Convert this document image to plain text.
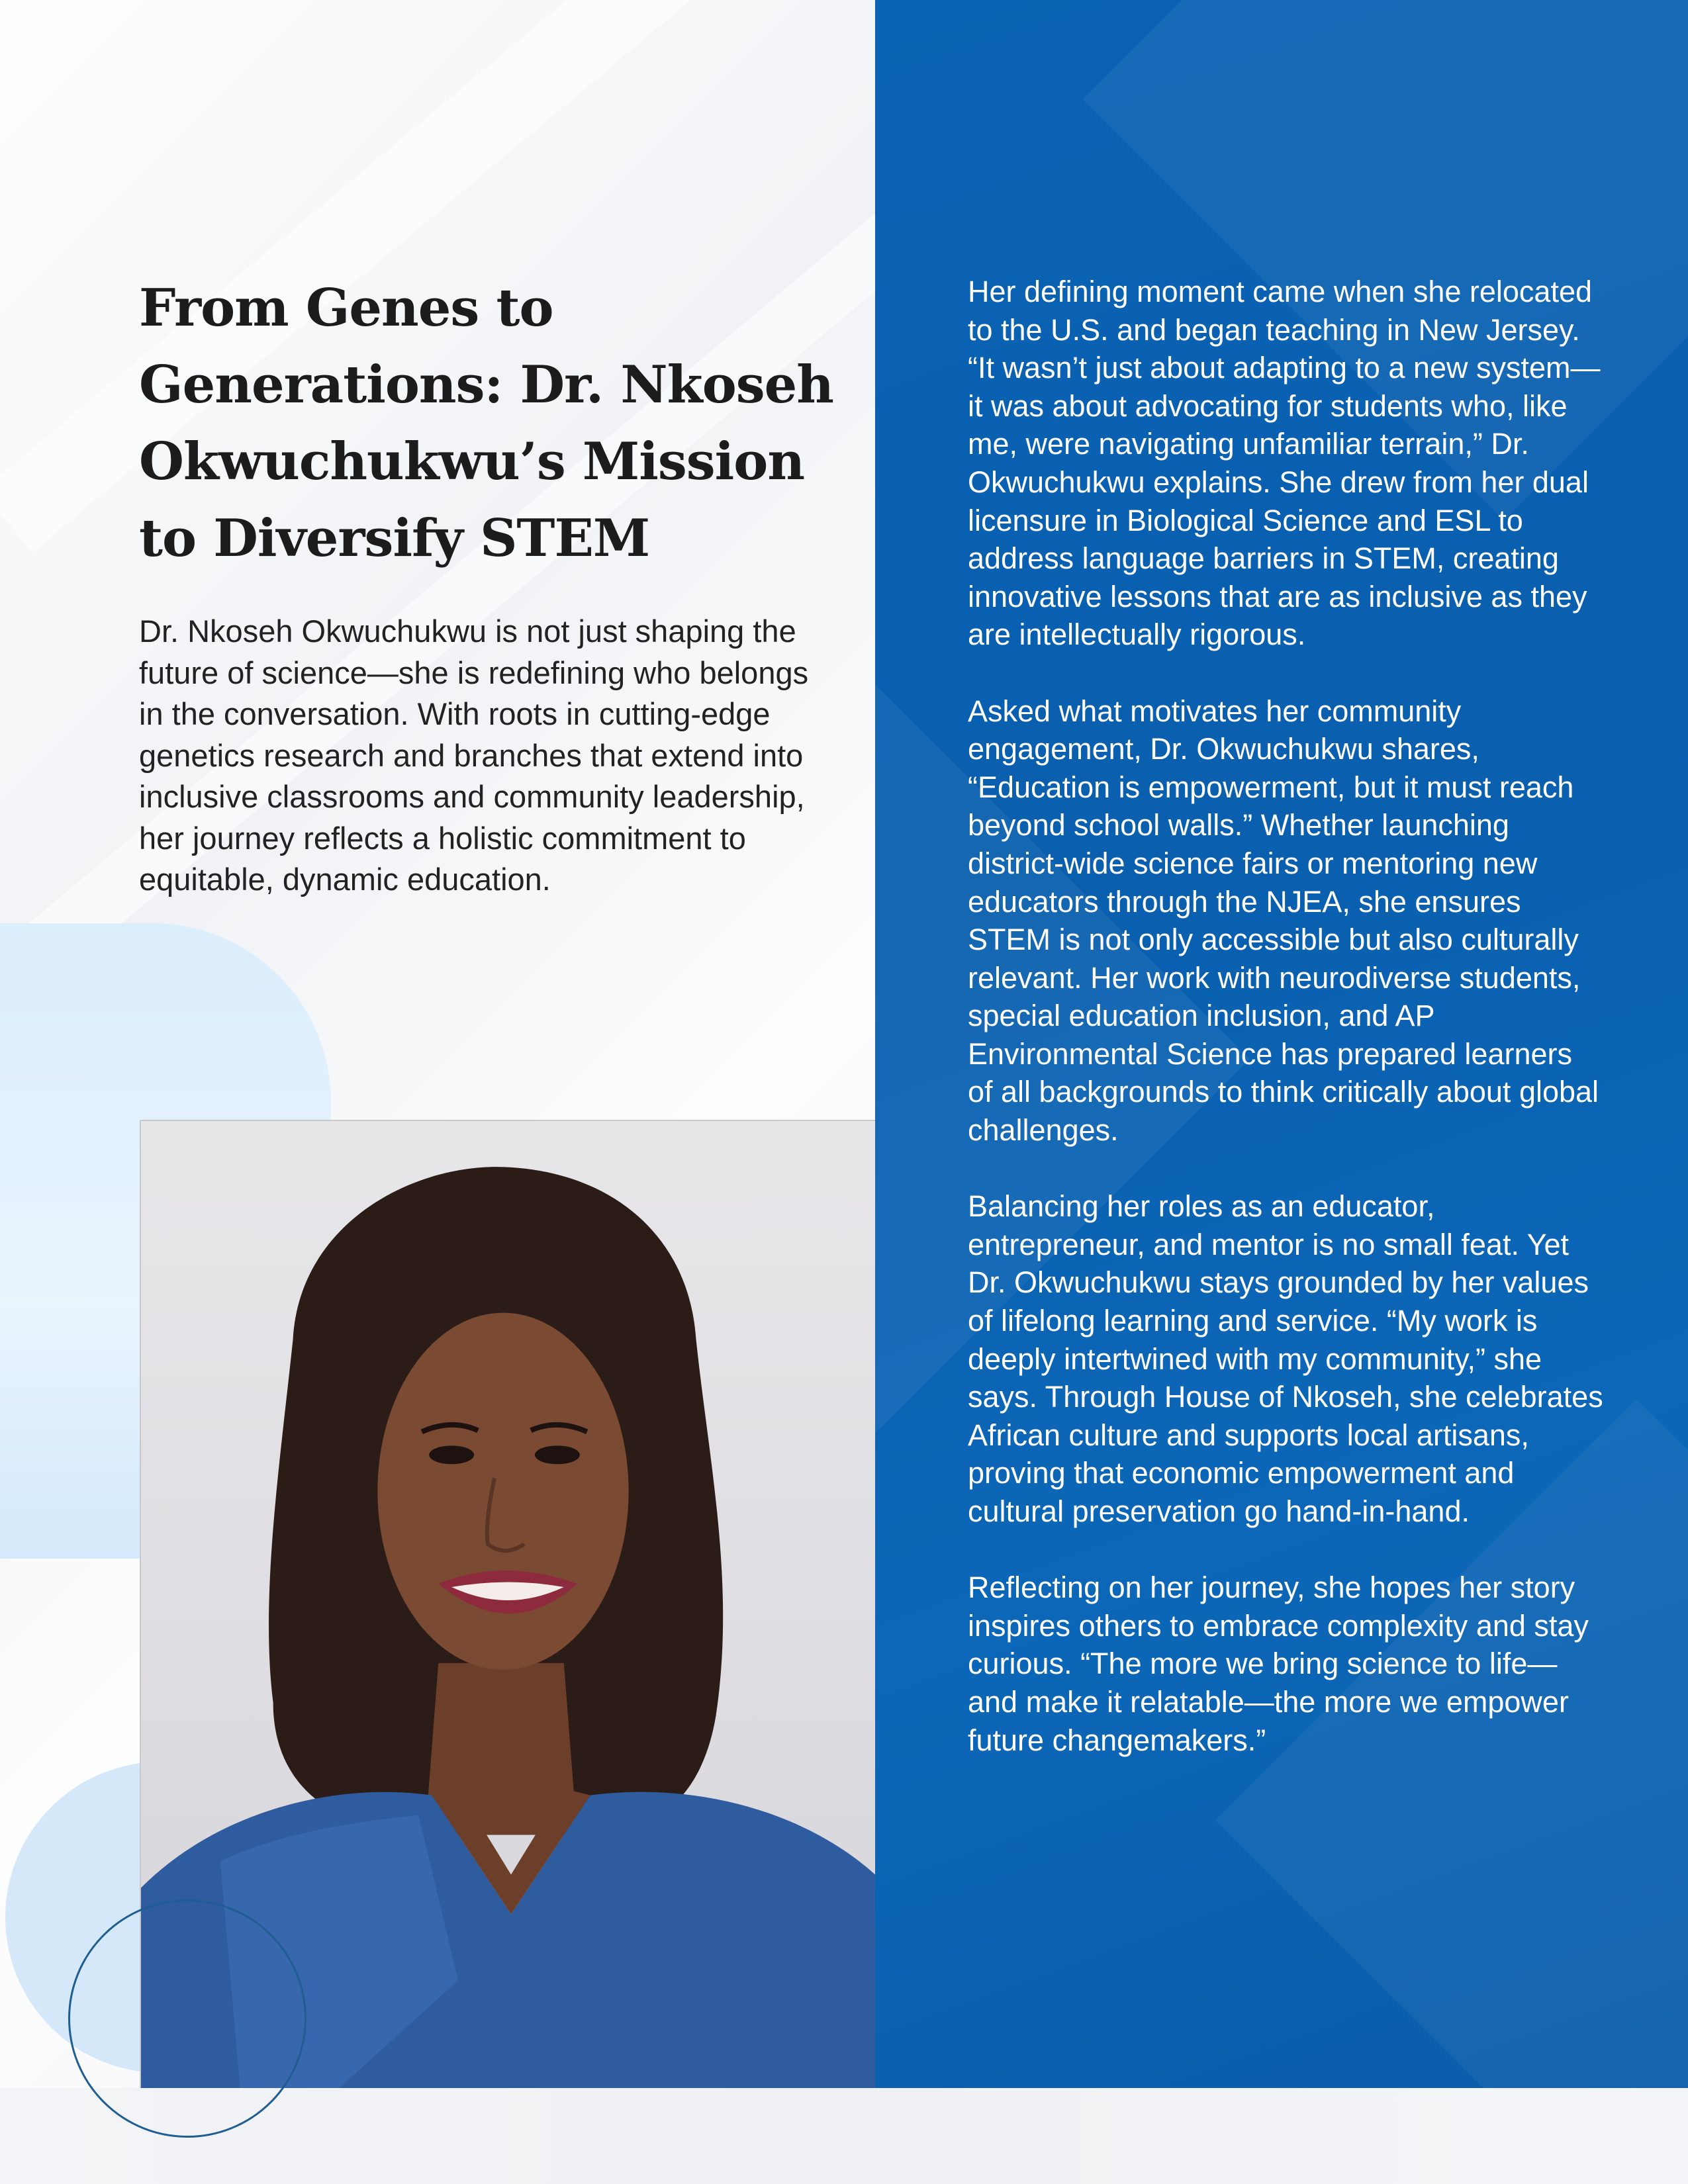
From Genes to Generations: Dr. Nkoseh Okwuchukwu’s Mission to Diversify STEM

Dr. Nkoseh Okwuchukwu is not just shaping the future of science—she is redefining who belongs in the conversation. With roots in cutting-edge genetics research and branches that extend into inclusive classrooms and community leadership, her journey reflects a holistic commitment to equitable, dynamic education.

Her defining moment came when she relocated to the U.S. and began teaching in New Jersey. “It wasn’t just about adapting to a new system—it was about advocating for students who, like me, were navigating unfamiliar terrain,” Dr. Okwuchukwu explains. She drew from her dual licensure in Biological Science and ESL to address language barriers in STEM, creating innovative lessons that are as inclusive as they are intellectually rigorous.

Asked what motivates her community engagement, Dr. Okwuchukwu shares, “Education is empowerment, but it must reach beyond school walls.” Whether launching district-wide science fairs or mentoring new educators through the NJEA, she ensures STEM is not only accessible but also culturally relevant. Her work with neurodiverse students, special education inclusion, and AP Environmental Science has prepared learners of all backgrounds to think critically about global challenges.

Balancing her roles as an educator, entrepreneur, and mentor is no small feat. Yet Dr. Okwuchukwu stays grounded by her values of lifelong learning and service. “My work is deeply intertwined with my community,” she says. Through House of Nkoseh, she celebrates African culture and supports local artisans, proving that economic empowerment and cultural preservation go hand-in-hand.

Reflecting on her journey, she hopes her story inspires others to embrace complexity and stay curious. “The more we bring science to life—and make it relatable—the more we empower future changemakers.”
